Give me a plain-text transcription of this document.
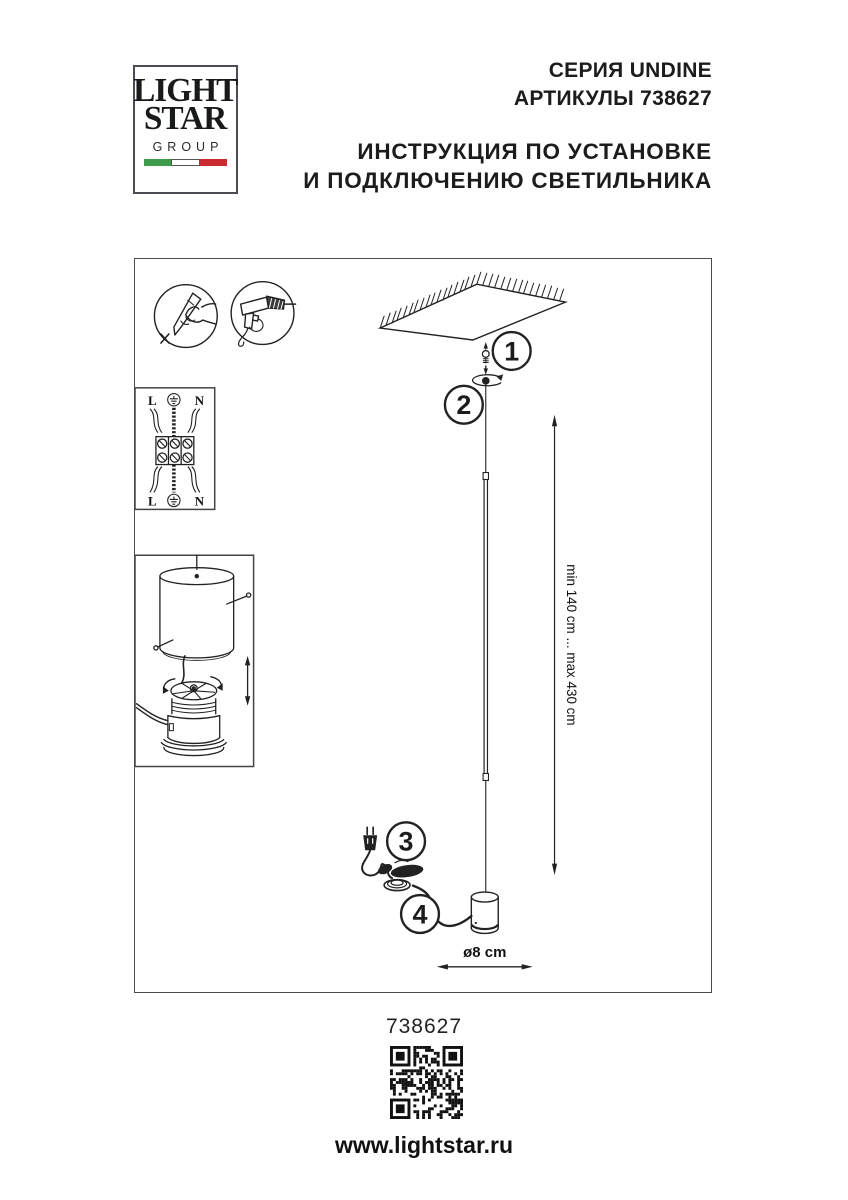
LIGHT
STAR
GROUP
СЕРИЯ UNDINE
АРТИКУЛЫ 738627
ИНСТРУКЦИЯ ПО УСТАНОВКЕ
И ПОДКЛЮЧЕНИЮ СВЕТИЛЬНИКА
L	N
L	N
1
2
3
4
min 140 cm ... max 430 cm
ø8 cm
738627
www.lightstar.ru
